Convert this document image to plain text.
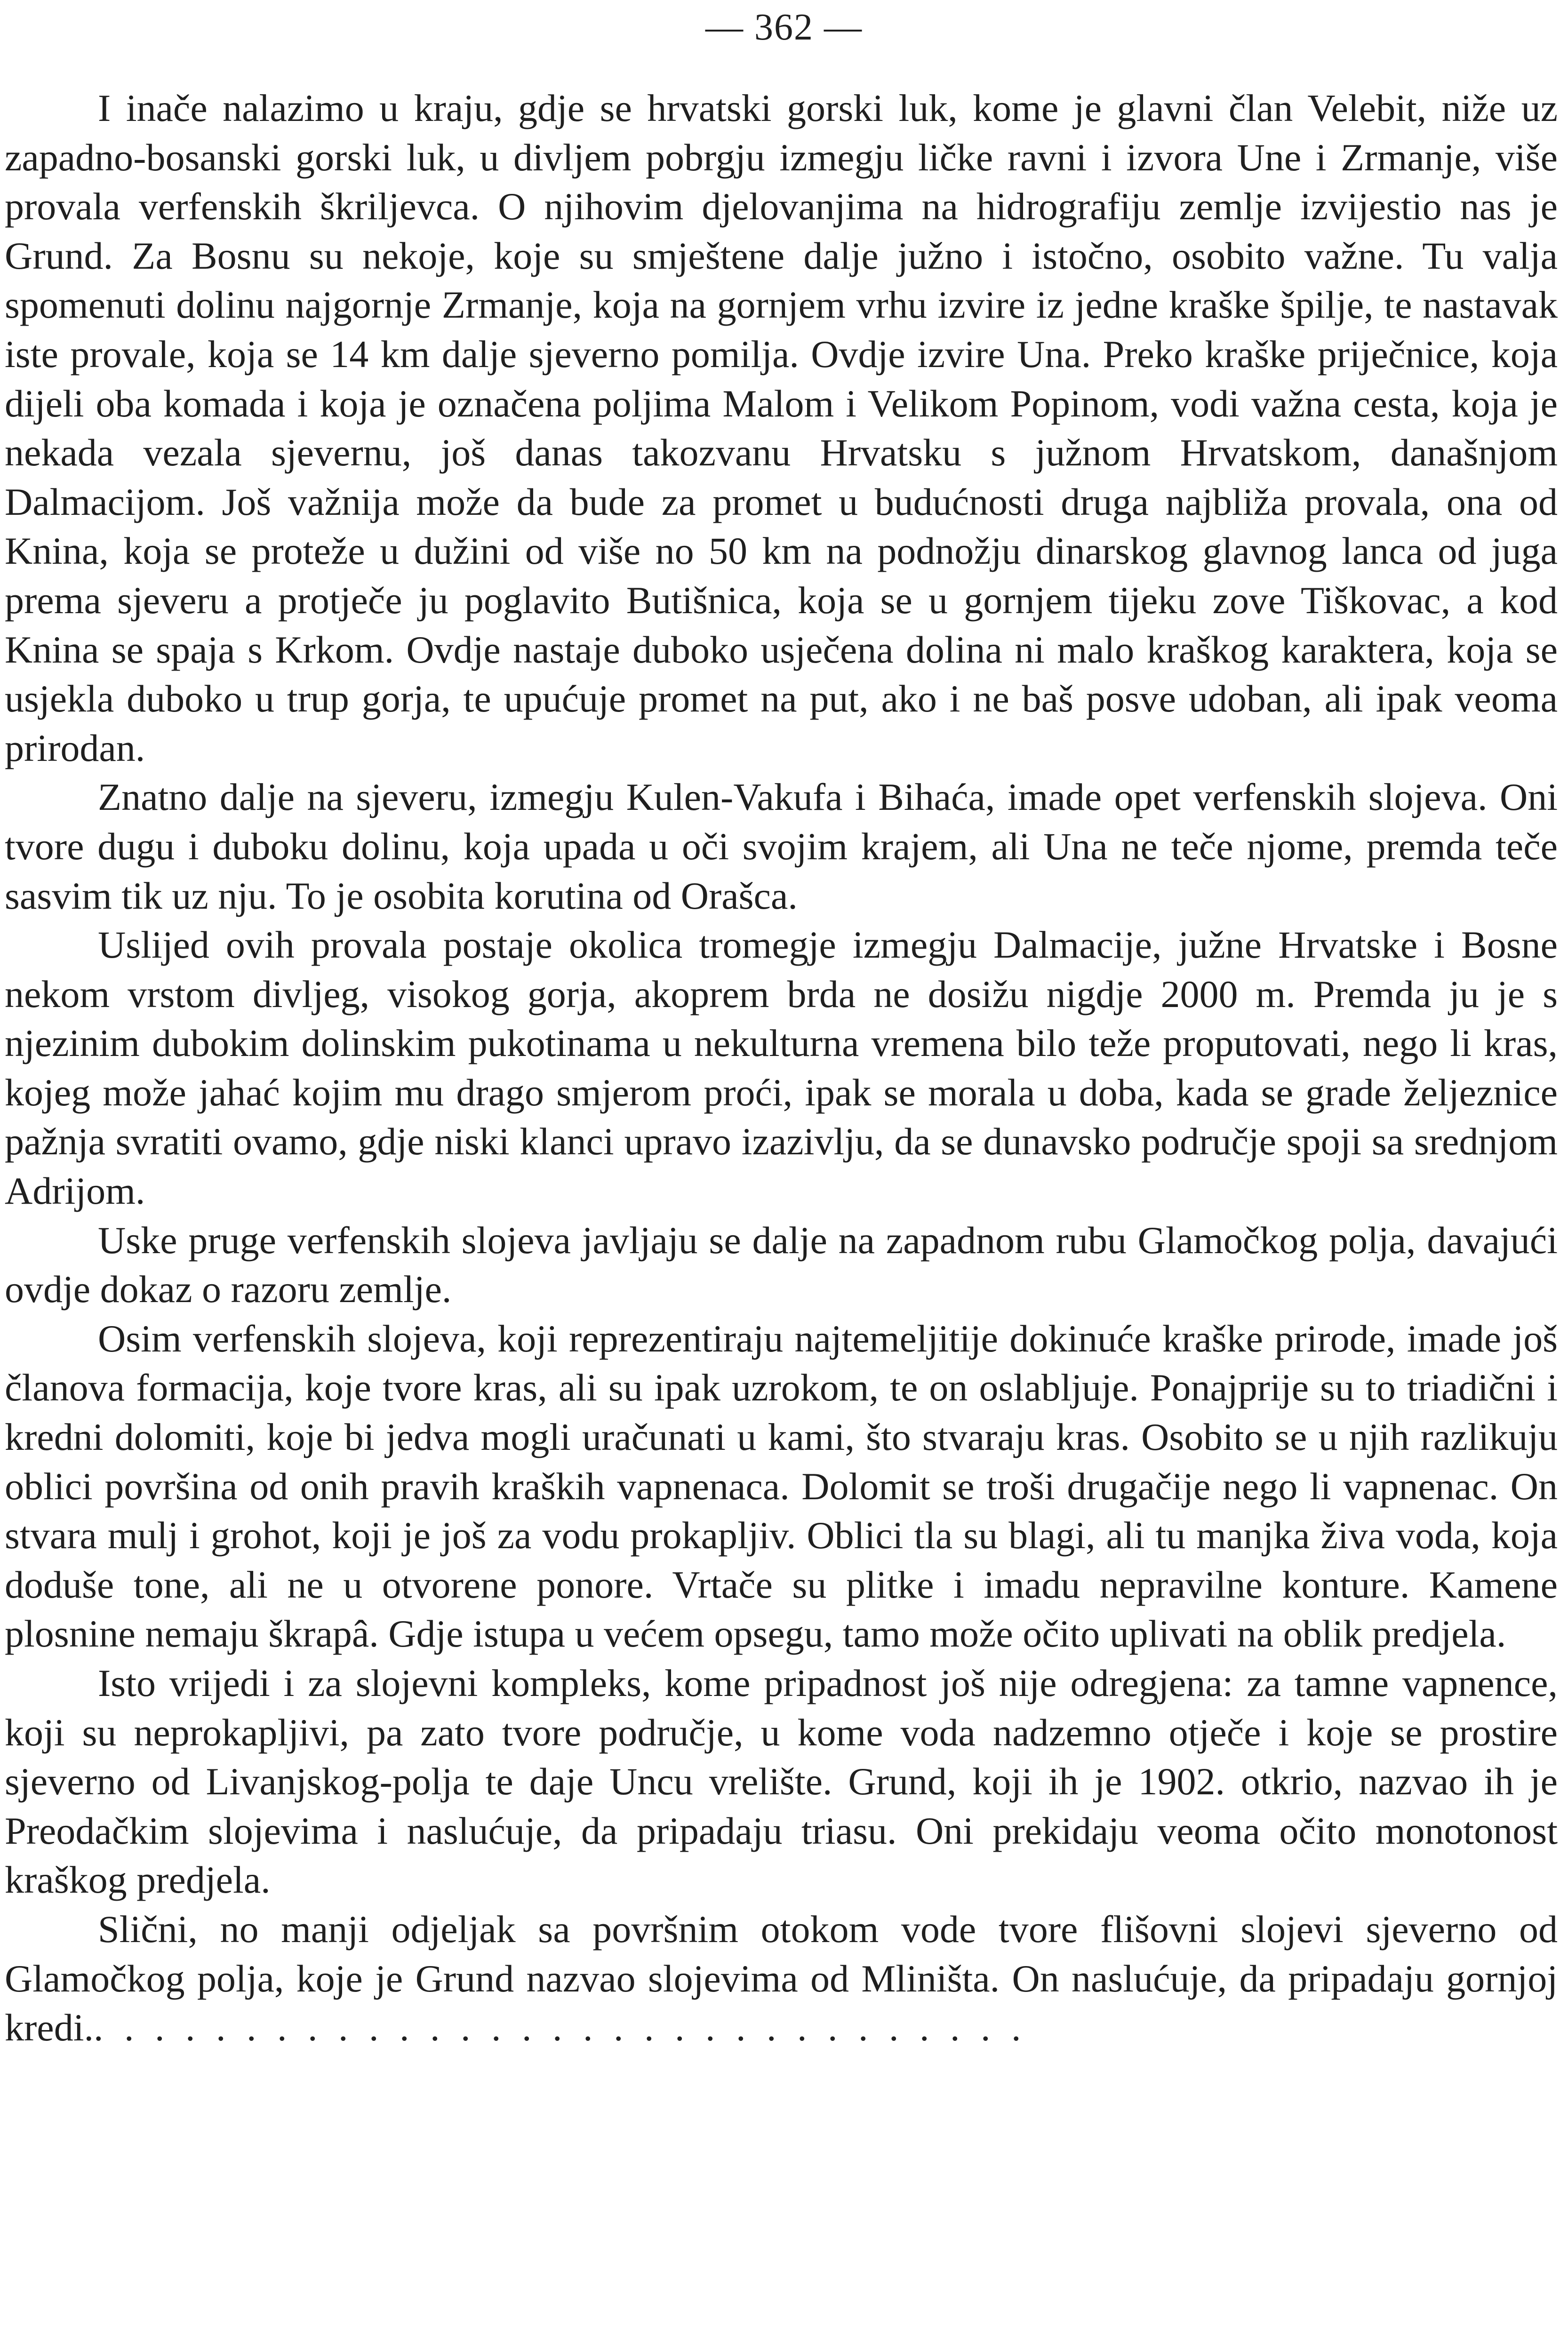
— 362 —

I inače nalazimo u kraju, gdje se hrvatski gorski luk, kome je glavni član Velebit, niže uz zapadno-bosanski gorski luk, u divljem pobrgju izmegju ličke ravni i izvora Une i Zrmanje, više provala verfenskih škriljevca. O njihovim djelovanjima na hidrografiju zemlje izvijestio nas je Grund. Za Bosnu su nekoje, koje su smještene dalje južno i istočno, osobito važne. Tu valja spomenuti dolinu najgornje Zrmanje, koja na gornjem vrhu izvire iz jedne kraške špilje, te nastavak iste provale, koja se 14 km dalje sjeverno pomilja. Ovdje izvire Una. Preko kraške priječnice, koja dijeli oba komada i koja je označena poljima Malom i Velikom Popinom, vodi važna cesta, koja je nekada vezala sjevernu, još danas takozvanu Hrvatsku s južnom Hrvatskom, današnjom Dalmacijom. Još važnija može da bude za promet u budućnosti druga najbliža provala, ona od Knina, koja se proteže u dužini od više no 50 km na podnožju dinarskog glavnog lanca od juga prema sjeveru a protječe ju poglavito Butišnica, koja se u gornjem tijeku zove Tiškovac, a kod Knina se spaja s Krkom. Ovdje nastaje duboko usječena dolina ni malo kraškog karaktera, koja se usjekla duboko u trup gorja, te upućuje promet na put, ako i ne baš posve udoban, ali ipak veoma prirodan.

Znatno dalje na sjeveru, izmegju Kulen-Vakufa i Bihaća, imade opet verfenskih slojeva. Oni tvore dugu i duboku dolinu, koja upada u oči svojim krajem, ali Una ne teče njome, premda teče sasvim tik uz nju. To je osobita korutina od Orašca.

Uslijed ovih provala postaje okolica tromegje izmegju Dalmacije, južne Hrvatske i Bosne nekom vrstom divljeg, visokog gorja, akoprem brda ne dosižu nigdje 2000 m. Premda ju je s njezinim dubokim dolinskim pukotinama u nekulturna vremena bilo teže proputovati, nego li kras, kojeg može jahać kojim mu drago smjerom proći, ipak se morala u doba, kada se grade željeznice pažnja svratiti ovamo, gdje niski klanci upravo izazivlju, da se dunavsko područje spoji sa srednjom Adrijom.

Uske pruge verfenskih slojeva javljaju se dalje na zapadnom rubu Glamočkog polja, davajući ovdje dokaz o razoru zemlje.

Osim verfenskih slojeva, koji reprezentiraju najtemeljitije dokinuće kraške prirode, imade još članova formacija, koje tvore kras, ali su ipak uzrokom, te on oslabljuje. Ponajprije su to triadični i kredni dolomiti, koje bi jedva mogli uračunati u kami, što stvaraju kras. Osobito se u njih razlikuju oblici površina od onih pravih kraških vapnenaca. Dolomit se troši drugačije nego li vapnenac. On stvara mulj i grohot, koji je još za vodu prokapljiv. Oblici tla su blagi, ali tu manjka živa voda, koja doduše tone, ali ne u otvorene ponore. Vrtače su plitke i imadu nepravilne konture. Kamene plosnine nemaju škrapâ. Gdje istupa u većem opsegu, tamo može očito uplivati na oblik predjela.

Isto vrijedi i za slojevni kompleks, kome pripadnost još nije odregjena: za tamne vapnence, koji su neprokapljivi, pa zato tvore područje, u kome voda nadzemno otječe i koje se prostire sjeverno od Livanjskog-polja te daje Uncu vrelište. Grund, koji ih je 1902. otkrio, nazvao ih je Preodačkim slojevima i naslućuje, da pripadaju triasu. Oni prekidaju veoma očito monotonost kraškog predjela.

Slični, no manji odjeljak sa površnim otokom vode tvore flišovni slojevi sjeverno od Glamočkog polja, koje je Grund nazvao slojevima od Mliništa. On naslućuje, da pripadaju gornjoj kredi.. . . . . . . . . . . . . . . . . . . . . . . . . . . . . . .
